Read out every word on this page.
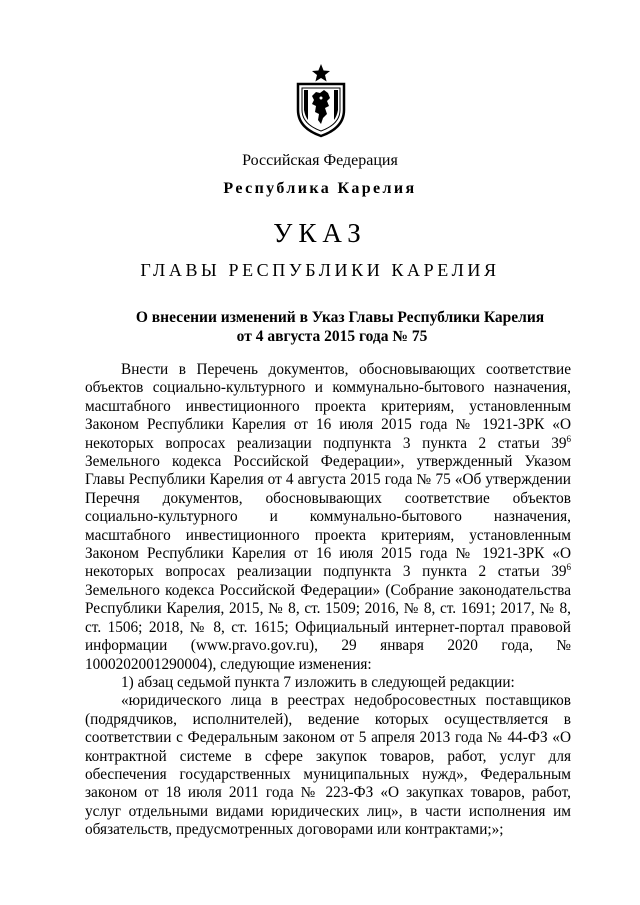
Российская Федерация
Республика Карелия
УКАЗ
ГЛАВЫ РЕСПУБЛИКИ КАРЕЛИЯ
О внесении изменений в Указ Главы Республики Карелия
от 4 августа 2015 года № 75

Внести в Перечень документов, обосновывающих соответствие объектов социально-культурного и коммунально-бытового назначения, масштабного инвестиционного проекта критериям, установленным Законом Республики Карелия от 16 июля 2015 года № 1921-ЗРК «О некоторых вопросах реализации подпункта 3 пункта 2 статьи $39^6$ Земельного кодекса Российской Федерации», утвержденный Указом Главы Республики Карелия от 4 августа 2015 года № 75 «Об утверждении Перечня документов, обосновывающих соответствие объектов социально-культурного и коммунально-бытового назначения, масштабного инвестиционного проекта критериям, установленным Законом Республики Карелия от 16 июля 2015 года № 1921-ЗРК «О некоторых вопросах реализации подпункта 3 пункта 2 статьи $39^6$ Земельного кодекса Российской Федерации» (Собрание законодательства Республики Карелия, 2015, № 8, ст. 1509; 2016, № 8, ст. 1691; 2017, № 8, ст. 1506; 2018, № 8, ст. 1615; Официальный интернет-портал правовой информации (www.pravo.gov.ru), 29 января 2020 года, № 1000202001290004), следующие изменения:

1) абзац седьмой пункта 7 изложить в следующей редакции:

«юридического лица в реестрах недобросовестных поставщиков (подрядчиков, исполнителей), ведение которых осуществляется в соответствии с Федеральным законом от 5 апреля 2013 года № 44-ФЗ «О контрактной системе в сфере закупок товаров, работ, услуг для обеспечения государственных муниципальных нужд», Федеральным законом от 18 июля 2011 года № 223-ФЗ «О закупках товаров, работ, услуг отдельными видами юридических лиц», в части исполнения им обязательств, предусмотренных договорами или контрактами;»;
